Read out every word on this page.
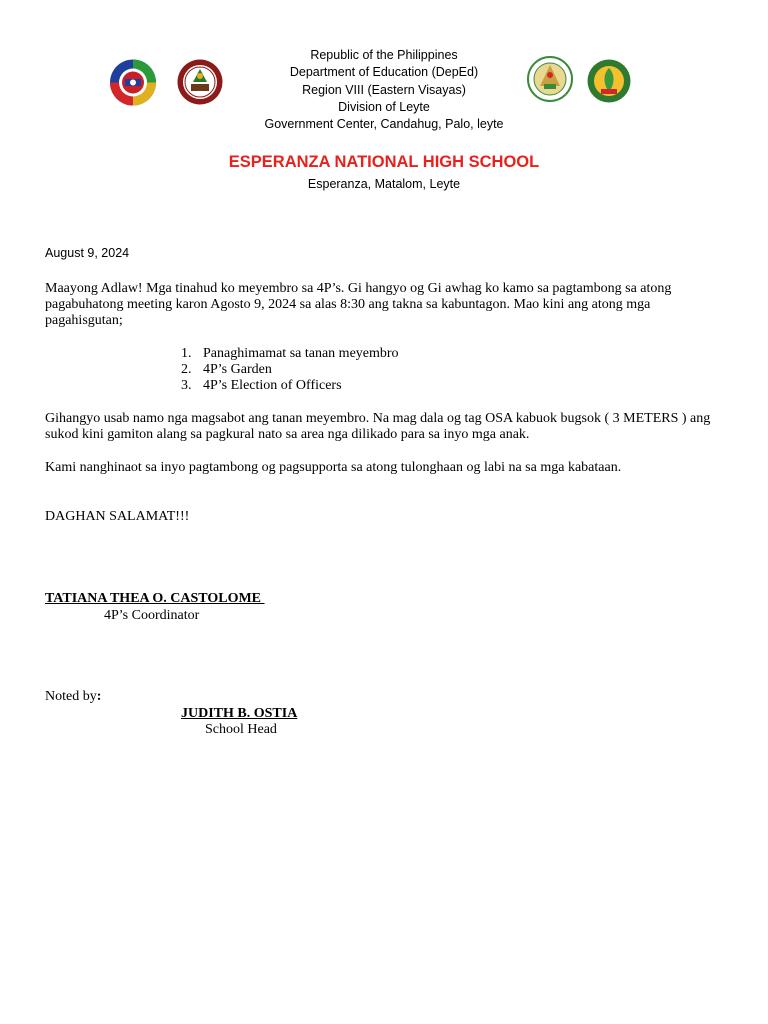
Republic of the Philippines
Department of Education (DepEd)
Region VIII (Eastern Visayas)
Division of Leyte
Government Center, Candahug, Palo, leyte
ESPERANZA NATIONAL HIGH SCHOOL
Esperanza, Matalom, Leyte
August 9, 2024
Maayong Adlaw! Mga tinahud ko meyembro sa 4P’s. Gi hangyo og Gi awhag ko kamo sa pagtambong sa atong pagabuhatong meeting karon Agosto 9, 2024 sa alas 8:30 ang takna sa kabuntagon. Mao kini ang atong mga pagahisgutan;
1. Panaghimamat sa tanan meyembro
2. 4P’s Garden
3. 4P’s Election of Officers
Gihangyo usab namo nga magsabot ang tanan meyembro. Na mag dala og tag OSA kabuok bugsok ( 3 METERS ) ang sukod kini gamiton alang sa pagkural nato sa area nga dilikado para sa inyo mga anak.
Kami nanghinaot sa inyo pagtambong og pagsupporta sa atong tulonghaan og labi na sa mga kabataan.
DAGHAN SALAMAT!!!
TATIANA THEA O. CASTOLOME
4P’s Coordinator
Noted by:
JUDITH B. OSTIA
School Head
